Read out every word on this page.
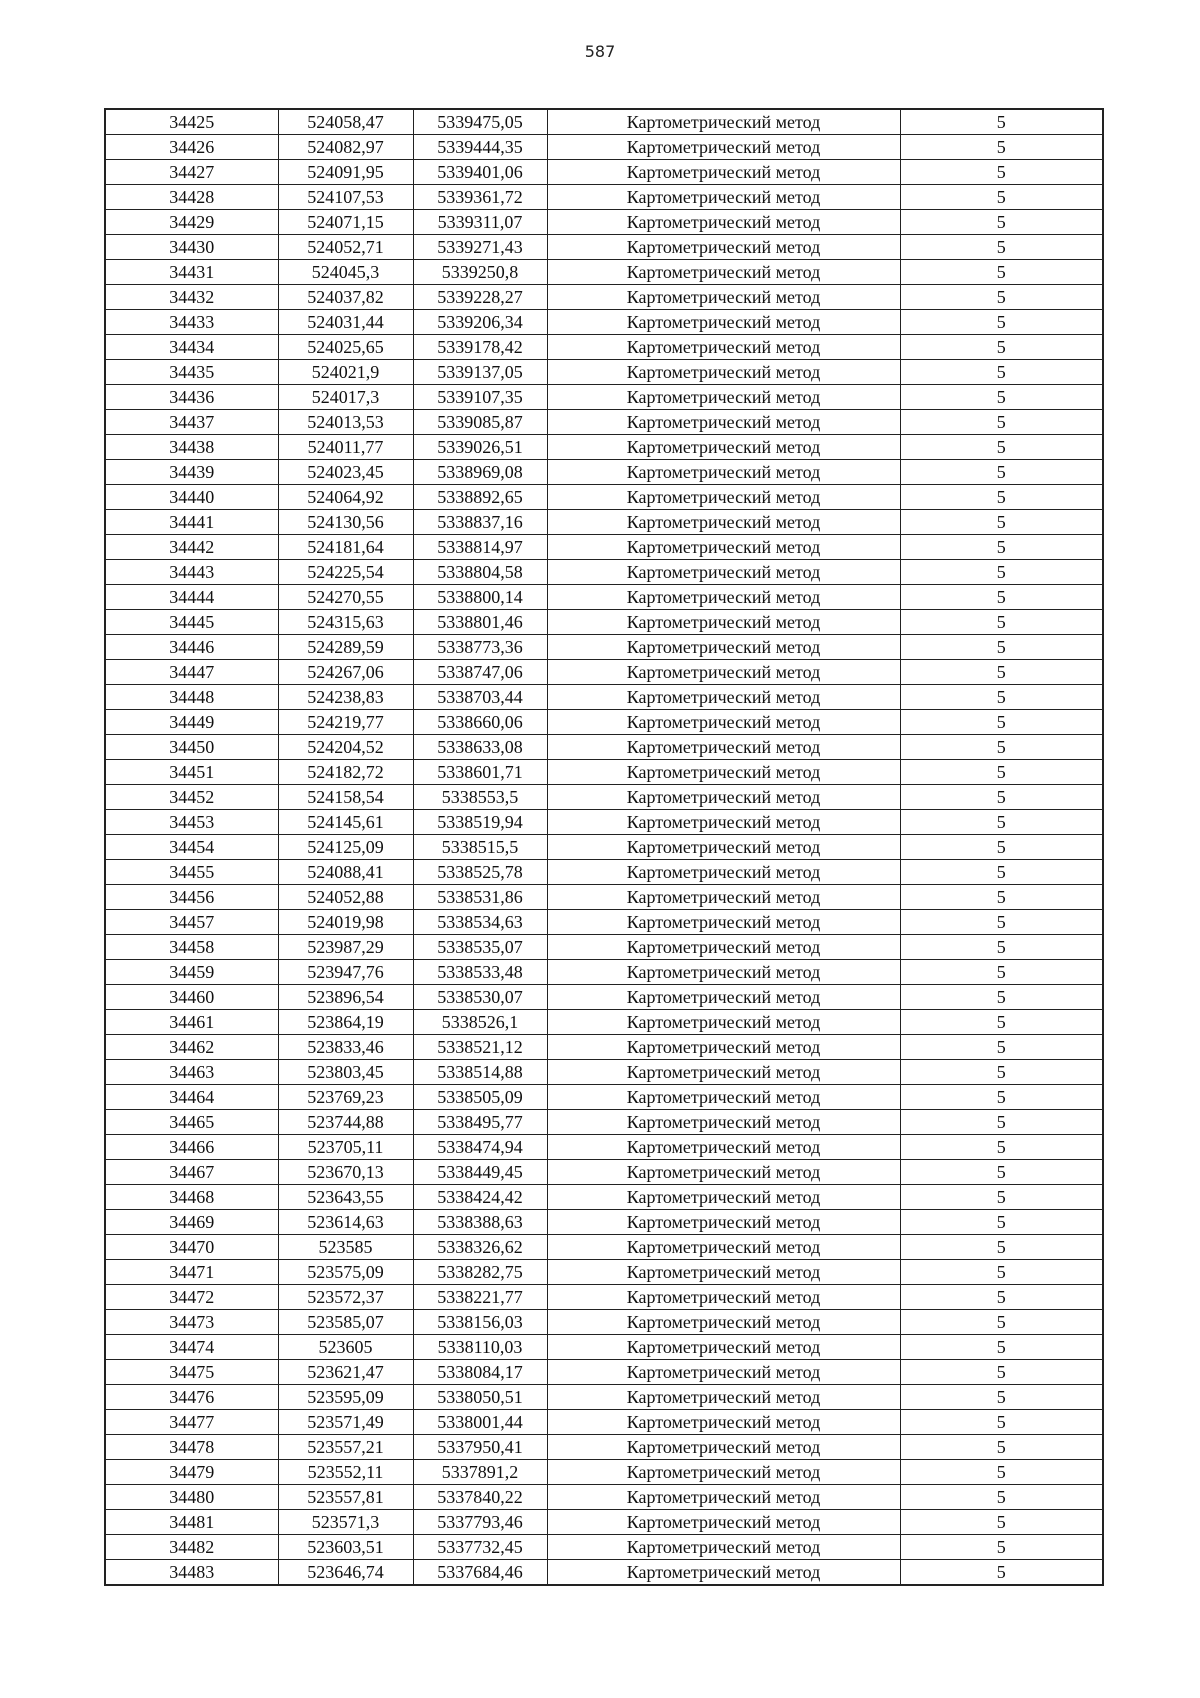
587
34425	524058,47	5339475,05	Картометрический метод	5
34426	524082,97	5339444,35	Картометрический метод	5
34427	524091,95	5339401,06	Картометрический метод	5
34428	524107,53	5339361,72	Картометрический метод	5
34429	524071,15	5339311,07	Картометрический метод	5
34430	524052,71	5339271,43	Картометрический метод	5
34431	524045,3	5339250,8	Картометрический метод	5
34432	524037,82	5339228,27	Картометрический метод	5
34433	524031,44	5339206,34	Картометрический метод	5
34434	524025,65	5339178,42	Картометрический метод	5
34435	524021,9	5339137,05	Картометрический метод	5
34436	524017,3	5339107,35	Картометрический метод	5
34437	524013,53	5339085,87	Картометрический метод	5
34438	524011,77	5339026,51	Картометрический метод	5
34439	524023,45	5338969,08	Картометрический метод	5
34440	524064,92	5338892,65	Картометрический метод	5
34441	524130,56	5338837,16	Картометрический метод	5
34442	524181,64	5338814,97	Картометрический метод	5
34443	524225,54	5338804,58	Картометрический метод	5
34444	524270,55	5338800,14	Картометрический метод	5
34445	524315,63	5338801,46	Картометрический метод	5
34446	524289,59	5338773,36	Картометрический метод	5
34447	524267,06	5338747,06	Картометрический метод	5
34448	524238,83	5338703,44	Картометрический метод	5
34449	524219,77	5338660,06	Картометрический метод	5
34450	524204,52	5338633,08	Картометрический метод	5
34451	524182,72	5338601,71	Картометрический метод	5
34452	524158,54	5338553,5	Картометрический метод	5
34453	524145,61	5338519,94	Картометрический метод	5
34454	524125,09	5338515,5	Картометрический метод	5
34455	524088,41	5338525,78	Картометрический метод	5
34456	524052,88	5338531,86	Картометрический метод	5
34457	524019,98	5338534,63	Картометрический метод	5
34458	523987,29	5338535,07	Картометрический метод	5
34459	523947,76	5338533,48	Картометрический метод	5
34460	523896,54	5338530,07	Картометрический метод	5
34461	523864,19	5338526,1	Картометрический метод	5
34462	523833,46	5338521,12	Картометрический метод	5
34463	523803,45	5338514,88	Картометрический метод	5
34464	523769,23	5338505,09	Картометрический метод	5
34465	523744,88	5338495,77	Картометрический метод	5
34466	523705,11	5338474,94	Картометрический метод	5
34467	523670,13	5338449,45	Картометрический метод	5
34468	523643,55	5338424,42	Картометрический метод	5
34469	523614,63	5338388,63	Картометрический метод	5
34470	523585	5338326,62	Картометрический метод	5
34471	523575,09	5338282,75	Картометрический метод	5
34472	523572,37	5338221,77	Картометрический метод	5
34473	523585,07	5338156,03	Картометрический метод	5
34474	523605	5338110,03	Картометрический метод	5
34475	523621,47	5338084,17	Картометрический метод	5
34476	523595,09	5338050,51	Картометрический метод	5
34477	523571,49	5338001,44	Картометрический метод	5
34478	523557,21	5337950,41	Картометрический метод	5
34479	523552,11	5337891,2	Картометрический метод	5
34480	523557,81	5337840,22	Картометрический метод	5
34481	523571,3	5337793,46	Картометрический метод	5
34482	523603,51	5337732,45	Картометрический метод	5
34483	523646,74	5337684,46	Картометрический метод	5
